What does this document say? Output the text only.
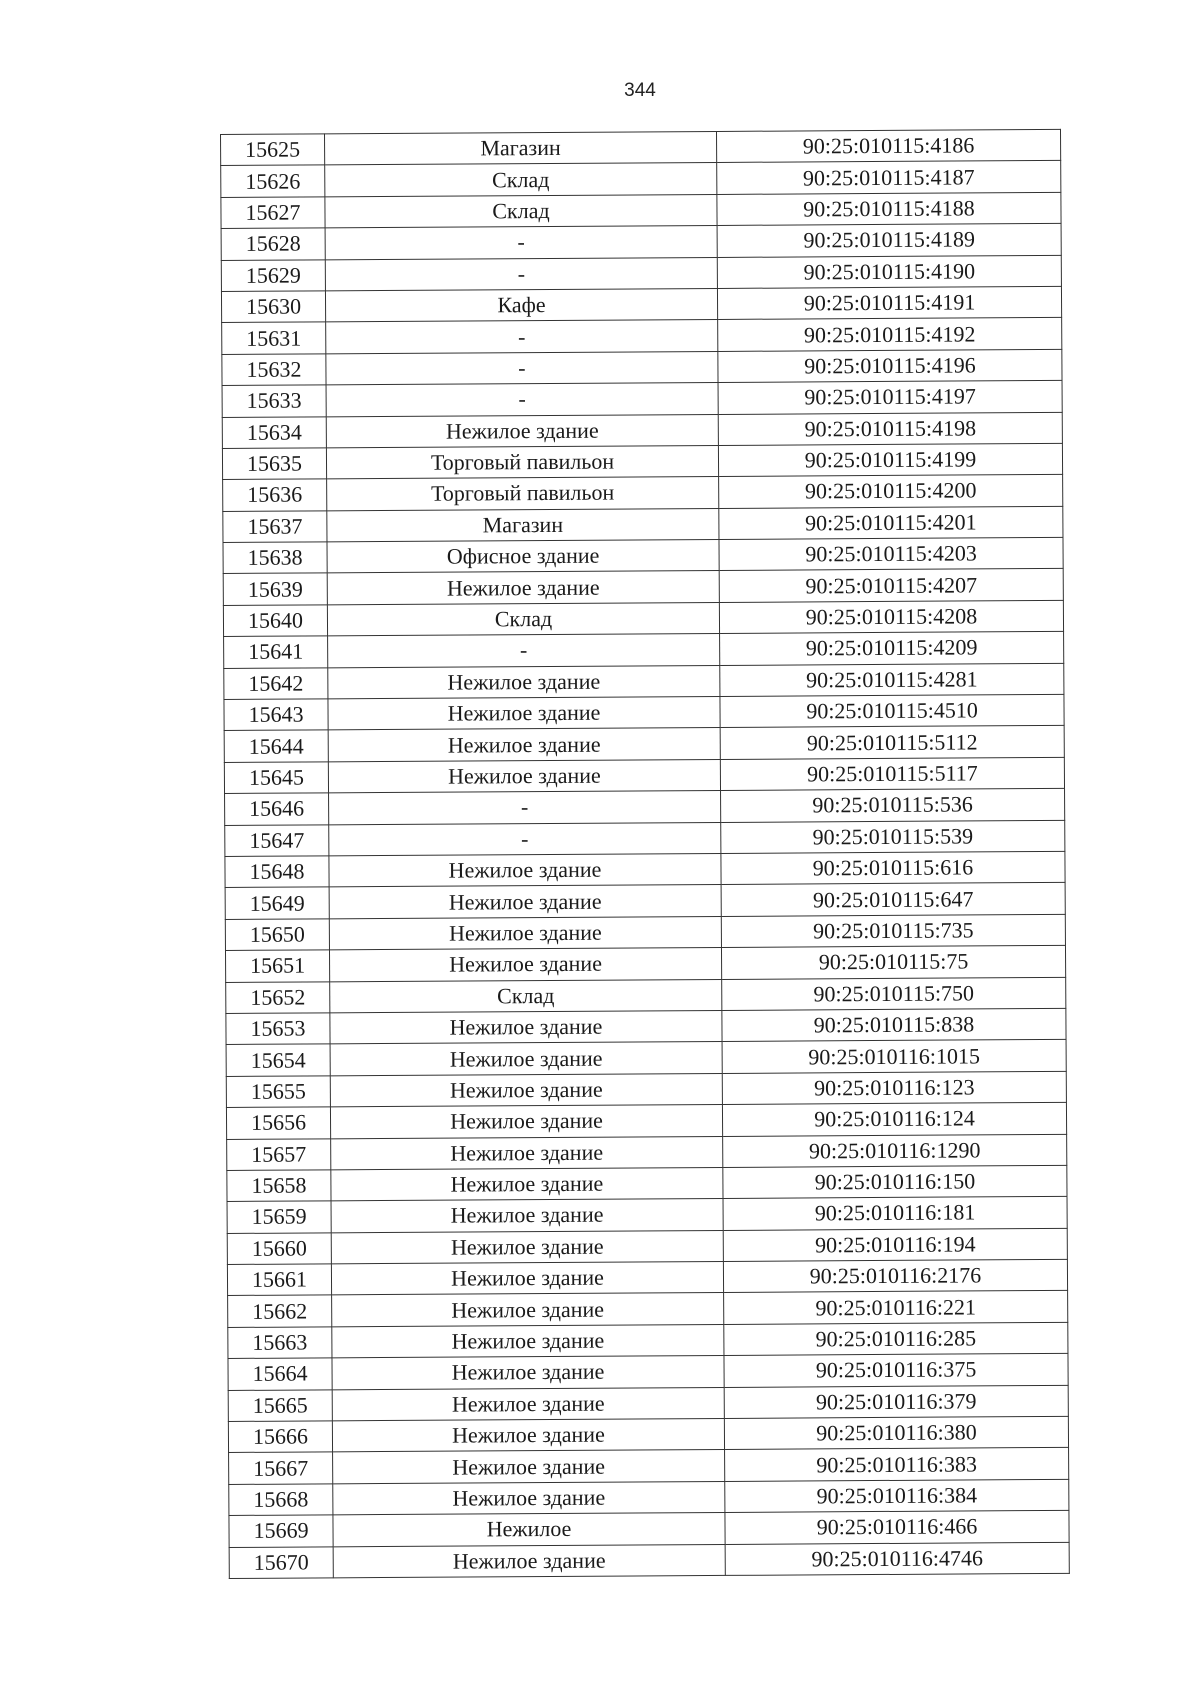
344
15625	Магазин	90:25:010115:4186
15626	Склад	90:25:010115:4187
15627	Склад	90:25:010115:4188
15628	-	90:25:010115:4189
15629	-	90:25:010115:4190
15630	Кафе	90:25:010115:4191
15631	-	90:25:010115:4192
15632	-	90:25:010115:4196
15633	-	90:25:010115:4197
15634	Нежилое здание	90:25:010115:4198
15635	Торговый павильон	90:25:010115:4199
15636	Торговый павильон	90:25:010115:4200
15637	Магазин	90:25:010115:4201
15638	Офисное здание	90:25:010115:4203
15639	Нежилое здание	90:25:010115:4207
15640	Склад	90:25:010115:4208
15641	-	90:25:010115:4209
15642	Нежилое здание	90:25:010115:4281
15643	Нежилое здание	90:25:010115:4510
15644	Нежилое здание	90:25:010115:5112
15645	Нежилое здание	90:25:010115:5117
15646	-	90:25:010115:536
15647	-	90:25:010115:539
15648	Нежилое здание	90:25:010115:616
15649	Нежилое здание	90:25:010115:647
15650	Нежилое здание	90:25:010115:735
15651	Нежилое здание	90:25:010115:75
15652	Склад	90:25:010115:750
15653	Нежилое здание	90:25:010115:838
15654	Нежилое здание	90:25:010116:1015
15655	Нежилое здание	90:25:010116:123
15656	Нежилое здание	90:25:010116:124
15657	Нежилое здание	90:25:010116:1290
15658	Нежилое здание	90:25:010116:150
15659	Нежилое здание	90:25:010116:181
15660	Нежилое здание	90:25:010116:194
15661	Нежилое здание	90:25:010116:2176
15662	Нежилое здание	90:25:010116:221
15663	Нежилое здание	90:25:010116:285
15664	Нежилое здание	90:25:010116:375
15665	Нежилое здание	90:25:010116:379
15666	Нежилое здание	90:25:010116:380
15667	Нежилое здание	90:25:010116:383
15668	Нежилое здание	90:25:010116:384
15669	Нежилое	90:25:010116:466
15670	Нежилое здание	90:25:010116:4746
